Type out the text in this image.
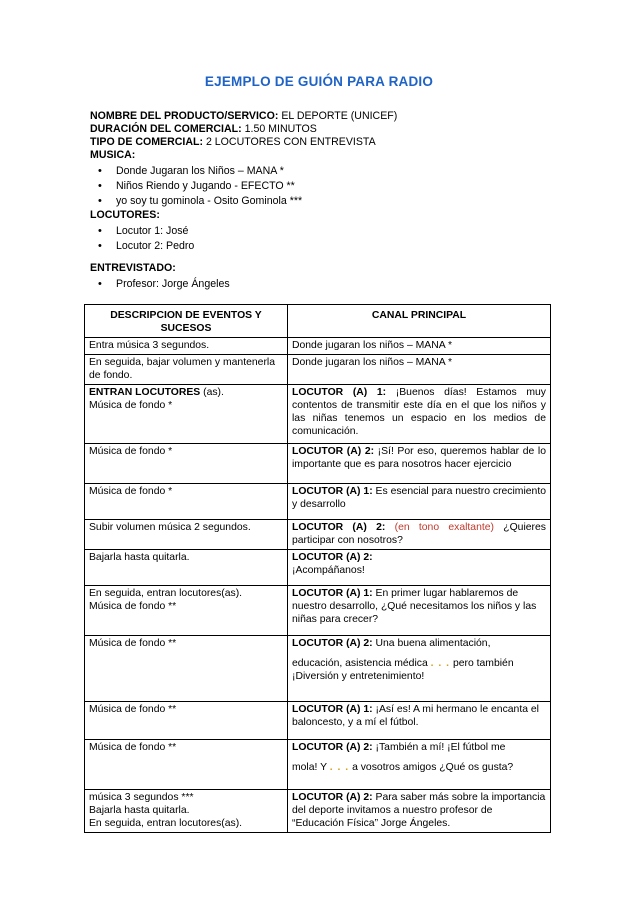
EJEMPLO DE GUIÓN PARA RADIO
NOMBRE DEL PRODUCTO/SERVICO: EL DEPORTE (UNICEF)
DURACIÓN DEL COMERCIAL: 1.50 MINUTOS
TIPO DE COMERCIAL: 2 LOCUTORES CON ENTREVISTA
MUSICA:
• Donde Jugaran los Niños – MANA *
• Niños Riendo y Jugando - EFECTO **
• yo soy tu gominola - Osito Gominola ***
LOCUTORES:
• Locutor 1: José
• Locutor 2: Pedro
ENTREVISTADO:
• Profesor: Jorge Ángeles
DESCRIPCION DE EVENTOS Y SUCESOS	CANAL PRINCIPAL
Entra música 3 segundos.	Donde jugaran los niños – MANA *
En seguida, bajar volumen y mantenerla de fondo.	Donde jugaran los niños – MANA *
ENTRAN LOCUTORES (as).
Música de fondo *	LOCUTOR (A) 1: ¡Buenos días! Estamos muy contentos de transmitir este día en el que los niños y las niñas tenemos un espacio en los medios de comunicación.
Música de fondo *	LOCUTOR (A) 2: ¡Sí! Por eso, queremos hablar de lo importante que es para nosotros hacer ejercicio
Música de fondo *	LOCUTOR (A) 1: Es esencial para nuestro crecimiento y desarrollo
Subir volumen música 2 segundos.	LOCUTOR (A) 2: (en tono exaltante) ¿Quieres participar con nosotros?
Bajarla hasta quitarla.	LOCUTOR (A) 2:
¡Acompáñanos!
En seguida, entran locutores(as).
Música de fondo **	LOCUTOR (A) 1: En primer lugar hablaremos de nuestro desarrollo, ¿Qué necesitamos los niños y las niñas para crecer?
Música de fondo **	LOCUTOR (A) 2: Una buena alimentación,
educación, asistencia médica . . . pero también
¡Diversión y entretenimiento!
Música de fondo **	LOCUTOR (A) 1: ¡Así es! A mi hermano le encanta el baloncesto, y a mí el fútbol.
Música de fondo **	LOCUTOR (A) 2: ¡También a mí! ¡El fútbol me
mola! Y . . . a vosotros amigos ¿Qué os gusta?
música 3 segundos ***
Bajarla hasta quitarla.
En seguida, entran locutores(as).	LOCUTOR (A) 2: Para saber más sobre la importancia del deporte invitamos a nuestro profesor de “Educación Física” Jorge Ángeles.
